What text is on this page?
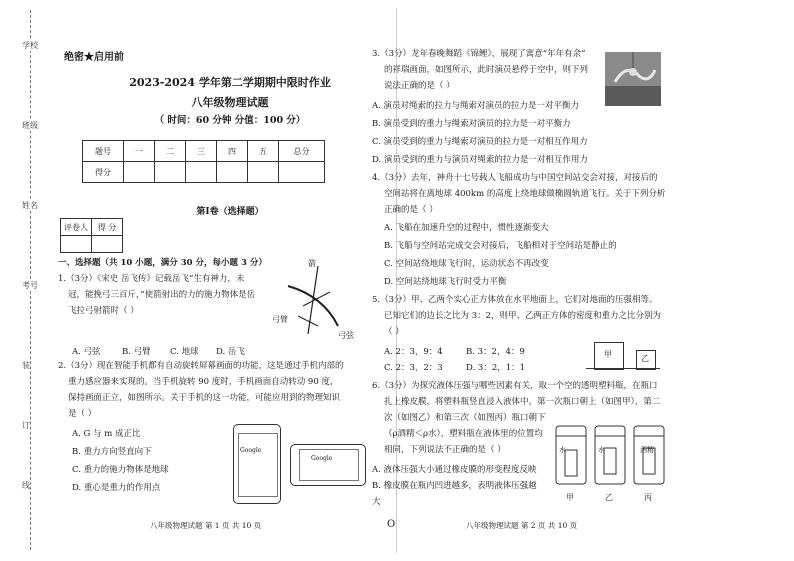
学校
班级
姓名
考号
装
订
线
绝密★启用前
2023-2024 学年第二学期期中限时作业
八年级物理试题
（ 时间：60 分钟 分值：100 分）
题号	一	二	三	四	五	总分
得分						
第Ⅰ卷（选择题）
评卷人	得 分

一、选择题（共 10 小题，满分 30 分，每小题 3 分）
1.（3分）《宋史 岳飞传》记载岳飞“生有神力，未
冠，能挽弓三百斤，”使箭射出的力的施力物体是岳
飞拉弓射箭时（ ）
A. 弓弦	B. 弓臂 C. 地球 D. 岳飞
箭
弓臂
弓弦
2.（3分）现在智能手机都有自动旋转屏幕画面的功能，这是通过手机内部的
重力感应器来实现的。当手机旋转 90 度时，手机画面自动转动 90 度，
保持画面正立，如图所示。关于手机的这一功能，可能应用到的物理知识
是（ ）
A. G 与 m 成正比
B. 重力方向竖直向下
C. 重力的施力物体是地球
D. 重心是重力的作用点
Google
Google
八年级物理试题 第 1 页 共 10 页	O
3.（3分）龙年春晚舞蹈《锦鲤》，展现了寓意“年年有余”
的祥瑞画面，如图所示，此时演员悬停于空中，则下列
说法正确的是（ ）
A. 演员对绳索的拉力与绳索对演员的拉力是一对平衡力
B. 演员受到的重力与绳索对演员的拉力是一对平衡力
C. 演员受到的重力与绳索对演员的拉力是一对相互作用力
D. 演员受到的重力与演员对绳索的拉力是一对相互作用力
4.（3分）去年，神舟十七号载人飞船成功与中国空间站交会对接，对接后的
空间站将在离地球 400km 的高度上绕地球做椭圆轨道飞行。关于下列分析
正确的是（ ）
A. 飞船在加速升空的过程中，惯性逐渐变大
B. 飞船与空间站完成交会对接后，飞船相对于空间站是静止的
C. 空间站绕地球飞行时，运动状态不再改变
D. 空间站绕地球飞行时受力平衡
5.（3分）甲、乙两个实心正方体放在水平地面上，它们对地面的压强相等。
已知它们的边长之比为 3：2，则甲、乙两正方体的密度和重力之比分别为
（ ）
A. 2：3，9：4	B. 3：2，4：9
C. 2：3，2：3	D. 3：2，1：1
甲	乙
6.（3分）为探究液体压强与哪些因素有关，取一个空的透明塑料瓶，在瓶口
扎上橡皮膜，将塑料瓶竖直浸入液体中。第一次瓶口朝上（如图甲），第二
次（如图乙）和第三次（如图丙）瓶口朝下
（ρ酒精＜ρ水），塑料瓶在液体里的位置均
相同，下列说法不正确的是（ ）
A. 液体压强大小通过橡皮膜的形变程度反映
B. 橡皮膜在瓶内凹进越多，表明液体压强越
大
水	水	酒精
甲	乙	丙
八年级物理试题 第 2 页 共 10 页
